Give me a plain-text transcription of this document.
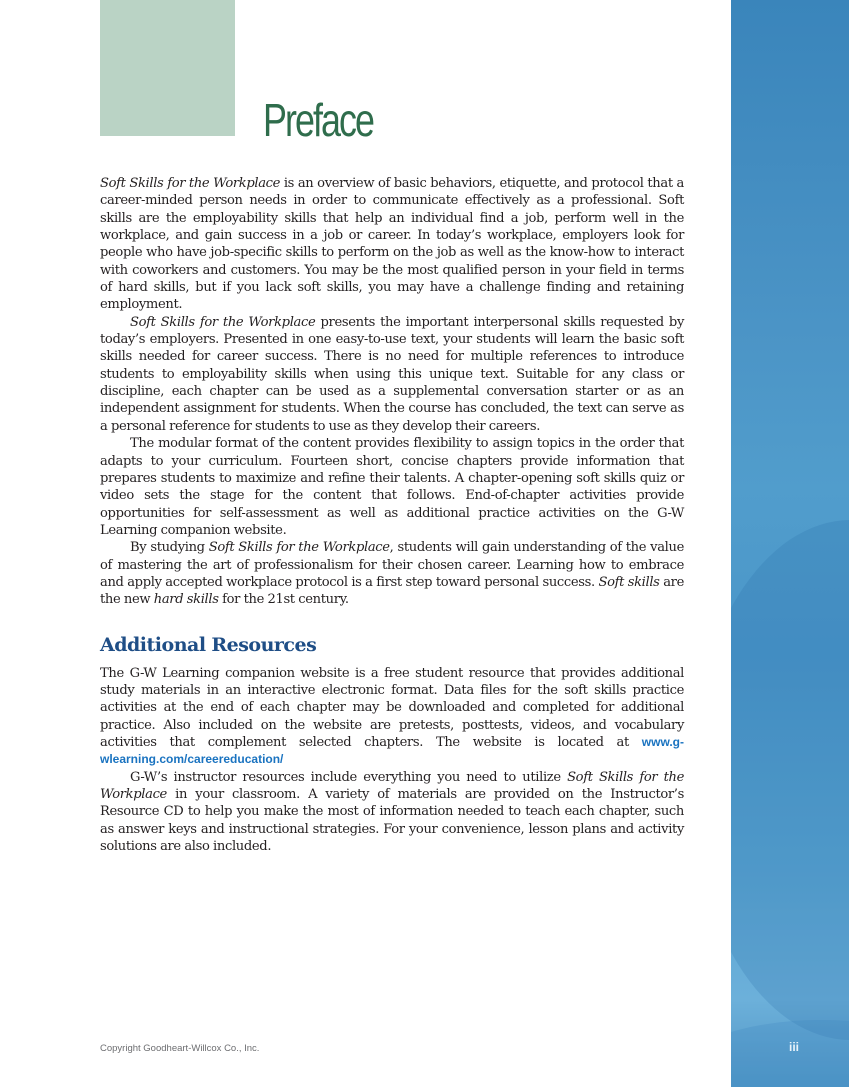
Preface

Soft Skills for the Workplace is an overview of basic behaviors, etiquette, and protocol that a career-minded person needs in order to communicate effectively as a professional. Soft skills are the employability skills that help an individual find a job, perform well in the workplace, and gain success in a job or career. In today’s workplace, employers look for people who have job-specific skills to perform on the job as well as the know-how to interact with coworkers and customers. You may be the most qualified person in your field in terms of hard skills, but if you lack soft skills, you may have a challenge finding and retaining employment.

Soft Skills for the Workplace presents the important interpersonal skills requested by today’s employers. Presented in one easy-to-use text, your students will learn the basic soft skills needed for career success. There is no need for multiple references to introduce students to employability skills when using this unique text. Suitable for any class or discipline, each chapter can be used as a supplemental conversation starter or as an independent assignment for students. When the course has concluded, the text can serve as a personal reference for students to use as they develop their careers.

The modular format of the content provides flexibility to assign topics in the order that adapts to your curriculum. Fourteen short, concise chapters provide information that prepares students to maximize and refine their talents. A chapter-opening soft skills quiz or video sets the stage for the content that follows. End-of-chapter activities provide opportunities for self-assessment as well as additional practice activities on the G-W Learning companion website.

By studying Soft Skills for the Workplace, students will gain understanding of the value of mastering the art of professionalism for their chosen career. Learning how to embrace and apply accepted workplace protocol is a first step toward personal success. Soft skills are the new hard skills for the 21st century.

Additional Resources

The G-W Learning companion website is a free student resource that provides additional study materials in an interactive electronic format. Data files for the soft skills practice activities at the end of each chapter may be downloaded and completed for additional practice. Also included on the website are pretests, posttests, videos, and vocabulary activities that complement selected chapters. The website is located at www.g-wlearning.com/careereducation/

G-W’s instructor resources include everything you need to utilize Soft Skills for the Workplace in your classroom. A variety of materials are provided on the Instructor’s Resource CD to help you make the most of information needed to teach each chapter, such as answer keys and instructional strategies. For your convenience, lesson plans and activity solutions are also included.

Copyright Goodheart-Willcox Co., Inc.	iii
